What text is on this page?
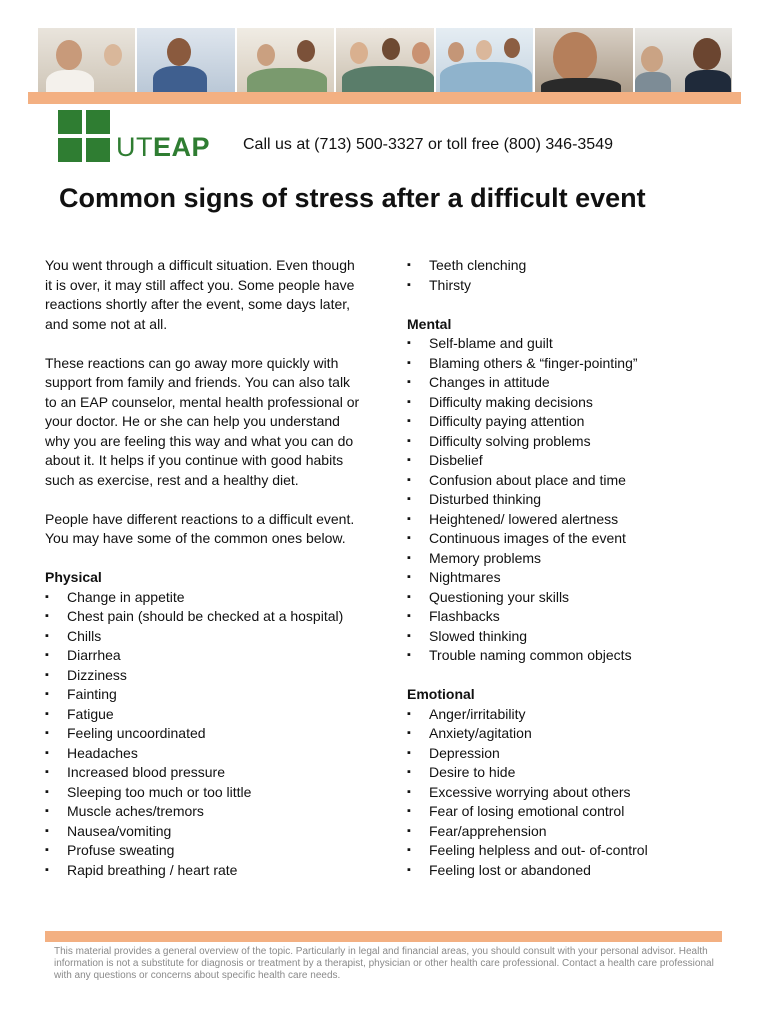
UTEAP Call us at (713) 500-3327 or toll free (800) 346-3549
Common signs of stress after a difficult event

You went through a difficult situation. Even though it is over, it may still affect you. Some people have reactions shortly after the event, some days later, and some not at all.

These reactions can go away more quickly with support from family and friends. You can also talk to an EAP counselor, mental health professional or your doctor. He or she can help you understand why you are feeling this way and what you can do about it. It helps if you continue with good habits such as exercise, rest and a healthy diet.

People have different reactions to a difficult event. You may have some of the common ones below.

Physical
▪ Change in appetite
▪ Chest pain (should be checked at a hospital)
▪ Chills
▪ Diarrhea
▪ Dizziness
▪ Fainting
▪ Fatigue
▪ Feeling uncoordinated
▪ Headaches
▪ Increased blood pressure
▪ Sleeping too much or too little
▪ Muscle aches/tremors
▪ Nausea/vomiting
▪ Profuse sweating
▪ Rapid breathing / heart rate
▪ Teeth clenching
▪ Thirsty
Mental
▪ Self-blame and guilt
▪ Blaming others & “finger-pointing”
▪ Changes in attitude
▪ Difficulty making decisions
▪ Difficulty paying attention
▪ Difficulty solving problems
▪ Disbelief
▪ Confusion about place and time
▪ Disturbed thinking
▪ Heightened/ lowered alertness
▪ Continuous images of the event
▪ Memory problems
▪ Nightmares
▪ Questioning your skills
▪ Flashbacks
▪ Slowed thinking
▪ Trouble naming common objects
Emotional
▪ Anger/irritability
▪ Anxiety/agitation
▪ Depression
▪ Desire to hide
▪ Excessive worrying about others
▪ Fear of losing emotional control
▪ Fear/apprehension
▪ Feeling helpless and out- of-control
▪ Feeling lost or abandoned
This material provides a general overview of the topic. Particularly in legal and financial areas, you should consult with your personal advisor. Health information is not a substitute for diagnosis or treatment by a therapist, physician or other health care professional. Contact a health care professional with any questions or concerns about specific health care needs.
